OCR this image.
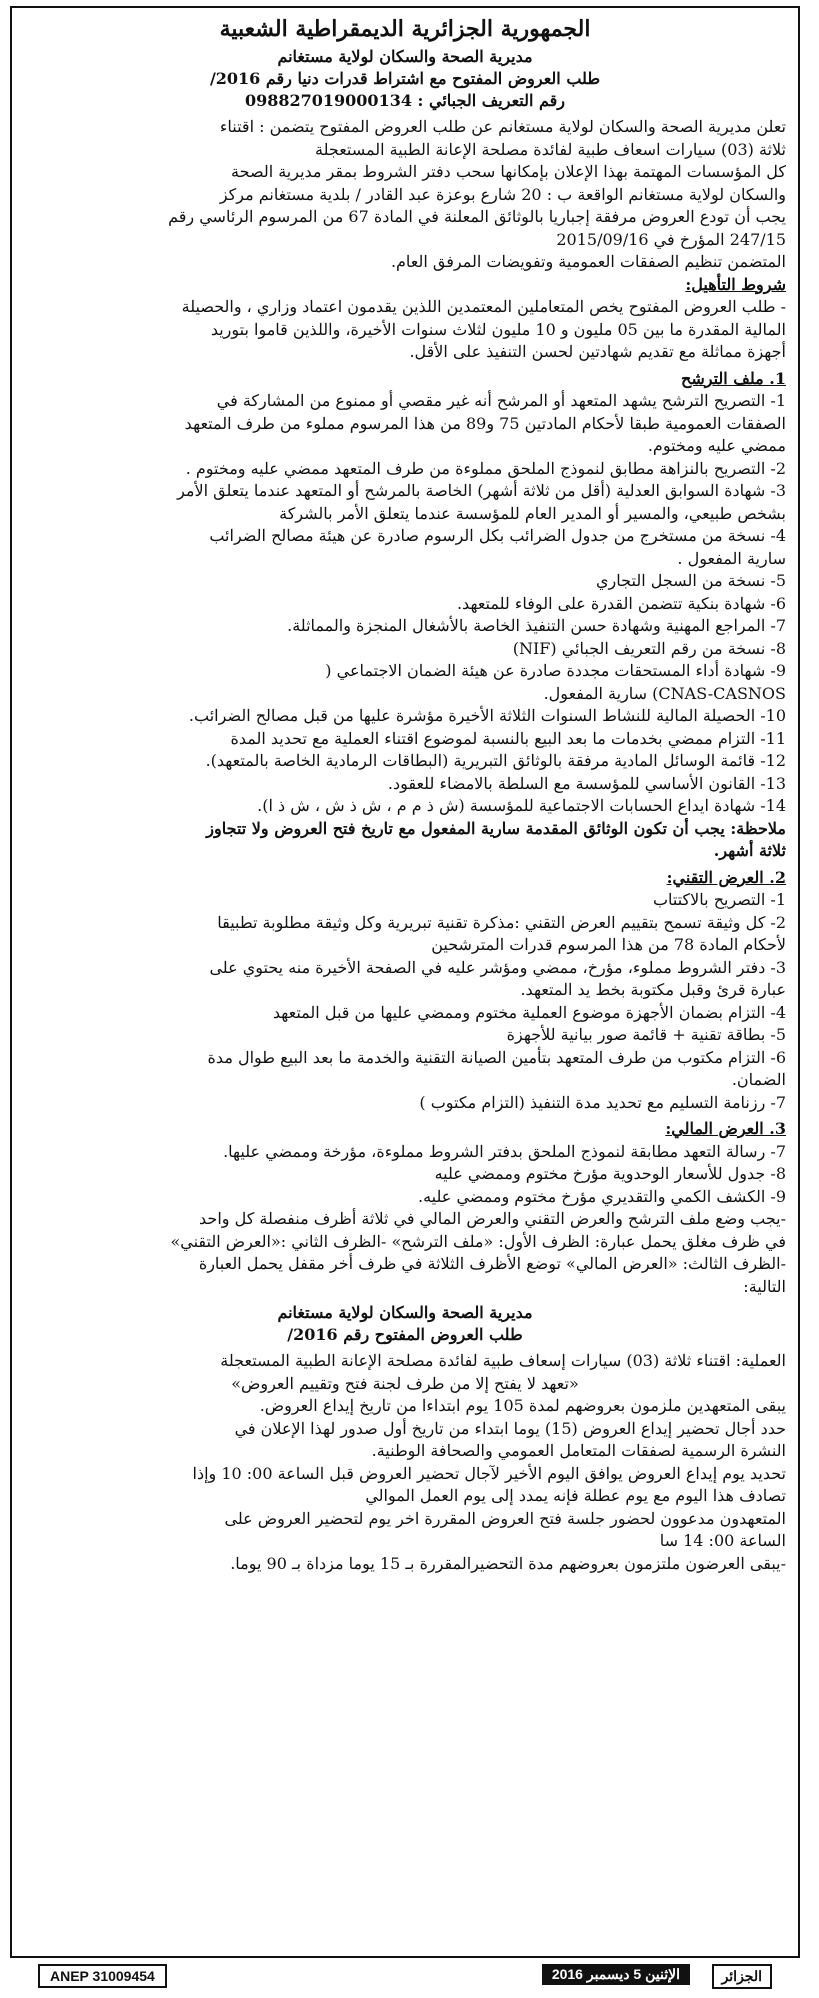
الجمهورية الجزائرية الديمقراطية الشعبية
مديرية الصحة والسكان لولاية مستغانم
طلب العروض المفتوح مع اشتراط قدرات دنيا رقم 2016/
رقم التعريف الجبائي : 098827019000134
تعلن مديرية الصحة والسكان لولاية مستغانم عن طلب العروض المفتوح يتضمن : اقتناء
ثلاثة (03) سيارات اسعاف طبية لفائدة مصلحة الإعانة الطبية المستعجلة
كل المؤسسات المهتمة بهذا الإعلان بإمكانها سحب دفتر الشروط بمقر مديرية الصحة
والسكان لولاية مستغانم الواقعة ب : 20 شارع بوعزة عبد القادر / بلدية مستغانم مركز
يجب أن تودع العروض مرفقة إجباريا بالوثائق المعلنة في المادة 67 من المرسوم الرئاسي رقم
247/15 المؤرخ في 2015/09/16
المتضمن تنظيم الصفقات العمومية وتفويضات المرفق العام.
شروط التأهيل:
- طلب العروض المفتوح يخص المتعاملين المعتمدين اللذين يقدمون اعتماد وزاري ، والحصيلة
المالية المقدرة ما بين 05 مليون و 10 مليون لثلاث سنوات الأخيرة، واللذين قاموا بتوريد
أجهزة مماثلة مع تقديم شهادتين لحسن التنفيذ على الأقل.
1. ملف الترشح
1- التصريح الترشح يشهد المتعهد أو المرشح أنه غير مقصي أو ممنوع من المشاركة في
الصفقات العمومية طبقا لأحكام المادتين 75 و89 من هذا المرسوم مملوء من طرف المتعهد
ممضي عليه ومختوم.
2- التصريح بالنزاهة مطابق لنموذج الملحق مملوءة من طرف المتعهد ممضي عليه ومختوم .
3- شهادة السوابق العدلية (أقل من ثلاثة أشهر) الخاصة بالمرشح أو المتعهد عندما يتعلق الأمر
بشخص طبيعي، والمسير أو المدير العام للمؤسسة عندما يتعلق الأمر بالشركة
4- نسخة من مستخرج من جدول الضرائب بكل الرسوم صادرة عن هيئة مصالح الضرائب
سارية المفعول .
5- نسخة من السجل التجاري
6- شهادة بنكية تتضمن القدرة على الوفاء للمتعهد.
7- المراجع المهنية وشهادة حسن التنفيذ الخاصة بالأشغال المنجزة والمماثلة.
8- نسخة من رقم التعريف الجبائي (NIF)
9- شهادة أداء المستحقات مجددة صادرة عن هيئة الضمان الاجتماعي (
CNAS-CASNOS) سارية المفعول.
10- الحصيلة المالية للنشاط السنوات الثلاثة الأخيرة مؤشرة عليها من قبل مصالح الضرائب.
11- التزام ممضي بخدمات ما بعد البيع بالنسبة لموضوع اقتناء العملية مع تحديد المدة
12- قائمة الوسائل المادية مرفقة بالوثائق التبريرية (البطاقات الرمادية الخاصة بالمتعهد).
13- القانون الأساسي للمؤسسة مع السلطة بالامضاء للعقود.
14- شهادة ايداع الحسابات الاجتماعية للمؤسسة (ش ذ م م ، ش ذ ش ، ش ذ ا).
ملاحظة: يجب أن تكون الوثائق المقدمة سارية المفعول مع تاريخ فتح العروض ولا تتجاوز
ثلاثة أشهر.
2. العرض التقني:
1- التصريح بالاكتتاب
2- كل وثيقة تسمح بتقييم العرض التقني :مذكرة تقنية تبريرية وكل وثيقة مطلوبة تطبيقا
لأحكام المادة 78 من هذا المرسوم قدرات المترشحين
3- دفتر الشروط مملوء، مؤرخ، ممضي ومؤشر عليه في الصفحة الأخيرة منه يحتوي على
عبارة قرئ وقبل مكتوبة بخط يد المتعهد.
4- التزام بضمان الأجهزة موضوع العملية مختوم وممضي عليها من قبل المتعهد
5- بطاقة تقنية + قائمة صور بيانية للأجهزة
6- التزام مكتوب من طرف المتعهد بتأمين الصيانة التقنية والخدمة ما بعد البيع طوال مدة
الضمان.
7- رزنامة التسليم مع تحديد مدة التنفيذ (التزام مكتوب )
3. العرض المالي:
7- رسالة التعهد مطابقة لنموذج الملحق بدفتر الشروط مملوءة، مؤرخة وممضي عليها.
8- جدول للأسعار الوحدوية مؤرخ مختوم وممضي عليه
9- الكشف الكمي والتقديري مؤرخ مختوم وممضي عليه.
-يجب وضع ملف الترشح والعرض التقني والعرض المالي في ثلاثة أظرف منفصلة كل واحد
في ظرف مغلق يحمل عبارة: الظرف الأول: «ملف الترشح» -الظرف الثاني :«العرض التقني»
-الظرف الثالث: «العرض المالي» توضع الأظرف الثلاثة في ظرف أخر مقفل يحمل العبارة
التالية:
مديرية الصحة والسكان لولاية مستغانم
طلب العروض المفتوح رقم 2016/
العملية: اقتناء ثلاثة (03) سيارات إسعاف طبية لفائدة مصلحة الإعانة الطبية المستعجلة
«تعهد لا يفتح إلا من طرف لجنة فتح وتقييم العروض»
يبقى المتعهدين ملزمون بعروضهم لمدة 105 يوم ابتداءا من تاريخ إيداع العروض.
حدد أجال تحضير إيداع العروض (15) يوما ابتداء من تاريخ أول صدور لهذا الإعلان في
النشرة الرسمية لصفقات المتعامل العمومي والصحافة الوطنية.
تحديد يوم إيداع العروض يوافق اليوم الأخير لآجال تحضير العروض قبل الساعة 00: 10 وإذا
تصادف هذا اليوم مع يوم عطلة فإنه يمدد إلى يوم العمل الموالي
المتعهدون مدعوون لحضور جلسة فتح العروض المقررة اخر يوم لتحضير العروض على
الساعة 00: 14 سا
-يبقى العرضون ملتزمون بعروضهم مدة التحضيرالمقررة بـ 15 يوما مزداة بـ 90 يوما.
ANEP 31009454	الإثنين 5 ديسمبر 2016	الجزائر
